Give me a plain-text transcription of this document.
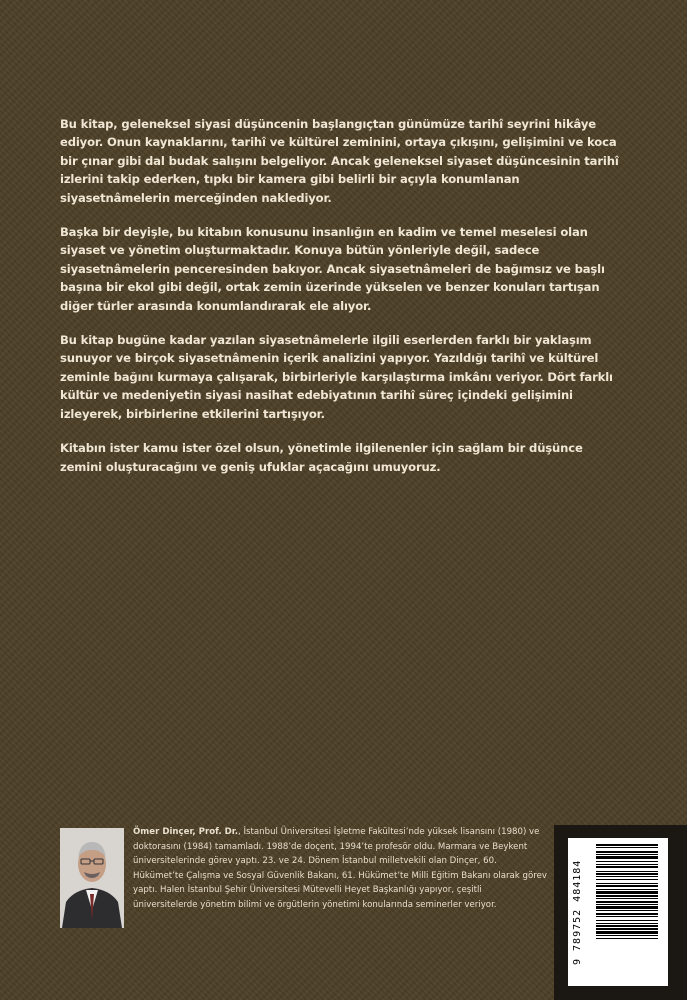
Bu kitap, geleneksel siyasi düşüncenin başlangıçtan günümüze tarihî seyrini hikâye ediyor. Onun kaynaklarını, tarihî ve kültürel zeminini, ortaya çıkışını, gelişimini ve koca bir çınar gibi dal budak salışını belgeliyor. Ancak geleneksel siyaset düşüncesinin tarihî izlerini takip ederken, tıpkı bir kamera gibi belirli bir açıyla konumlanan siyasetnâmelerin merceğinden naklediyor.

Başka bir deyişle, bu kitabın konusunu insanlığın en kadim ve temel meselesi olan siyaset ve yönetim oluşturmaktadır. Konuya bütün yönleriyle değil, sadece siyasetnâmelerin penceresinden bakıyor. Ancak siyasetnâmeleri de bağımsız ve başlı başına bir ekol gibi değil, ortak zemin üzerinde yükselen ve benzer konuları tartışan diğer türler arasında konumlandırarak ele alıyor.

Bu kitap bugüne kadar yazılan siyasetnâmelerle ilgili eserlerden farklı bir yaklaşım sunuyor ve birçok siyasetnâmenin içerik analizini yapıyor. Yazıldığı tarihî ve kültürel zeminle bağını kurmaya çalışarak, birbirleriyle karşılaştırma imkânı veriyor. Dört farklı kültür ve medeniyetin siyasi nasihat edebiyatının tarihî süreç içindeki gelişimini izleyerek, birbirlerine etkilerini tartışıyor.

Kitabın ister kamu ister özel olsun, yönetimle ilgilenenler için sağlam bir düşünce zemini oluşturacağını ve geniş ufuklar açacağını umuyoruz.

Ömer Dinçer, Prof. Dr., İstanbul Üniversitesi İşletme Fakültesi’nde yüksek lisansını (1980) ve doktorasını (1984) tamamladı. 1988’de doçent, 1994’te profesör oldu. Marmara ve Beykent üniversitelerinde görev yaptı. 23. ve 24. Dönem İstanbul milletvekili olan Dinçer, 60. Hükümet’te Çalışma ve Sosyal Güvenlik Bakanı, 61. Hükümet’te Milli Eğitim Bakanı olarak görev yaptı. Halen İstanbul Şehir Üniversitesi Mütevelli Heyet Başkanlığı yapıyor, çeşitli üniversitelerde yönetim bilimi ve örgütlerin yönetimi konularında seminerler veriyor.	9 789752 484184
